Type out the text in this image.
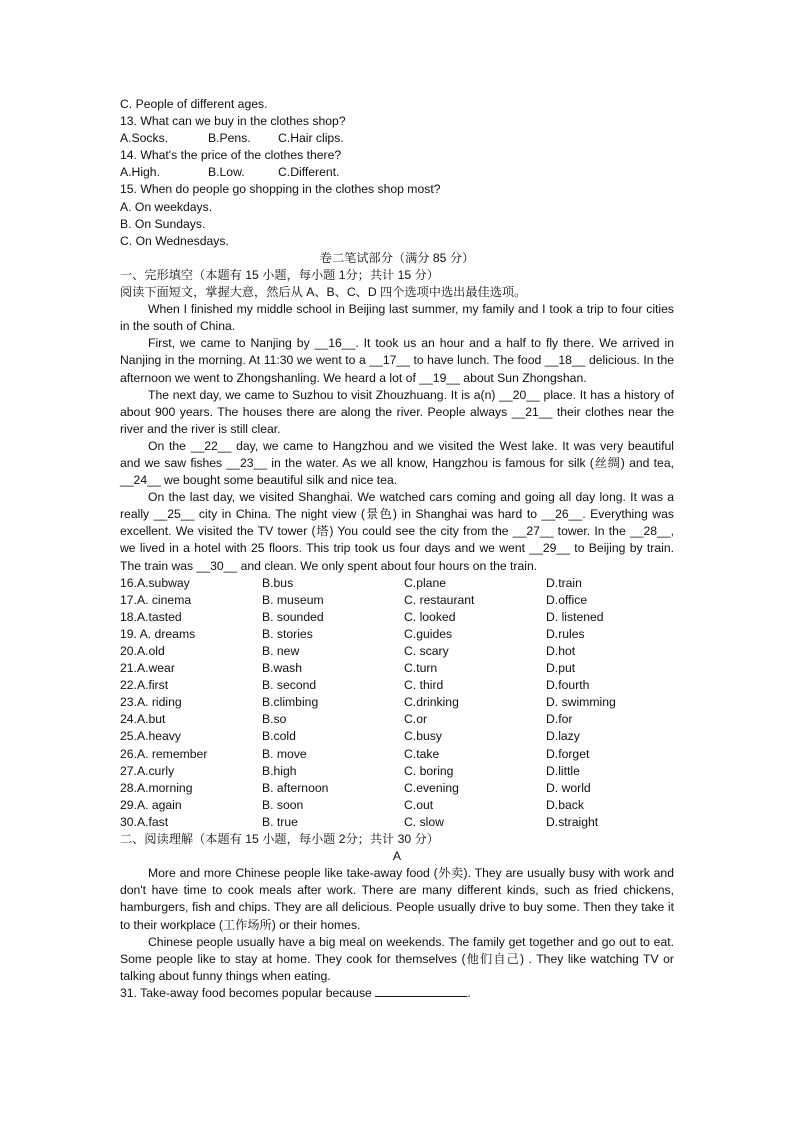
C. People of different ages.
13. What can we buy in the clothes shop?
A.Socks.	B.Pens. C.Hair clips.
14. What's the price of the clothes there?
A.High.	B.Low.	C.Different.
15. When do people go shopping in the clothes shop most?
A. On weekdays.
B. On Sundays.
C. On Wednesdays.
卷二笔试部分（满分 85 分）
一、完形填空（本题有 15 小题，每小题 1分；共计 15 分）
阅读下面短文，掌握大意，然后从 A、B、C、D 四个选项中选出最佳选项。

When I finished my middle school in Beijing last summer, my family and I took a trip to four cities in the south of China.

First, we came to Nanjing by __16__. It took us an hour and a half to fly there. We arrived in Nanjing in the morning. At 11:30 we went to a __17__ to have lunch. The food __18__ delicious. In the afternoon we went to Zhongshanling. We heard a lot of __19__ about Sun Zhongshan.

The next day, we came to Suzhou to visit Zhouzhuang. It is a(n) __20__ place. It has a history of about 900 years. The houses there are along the river. People always __21__ their clothes near the river and the river is still clear.

On the __22__ day, we came to Hangzhou and we visited the West lake. It was very beautiful and we saw fishes __23__ in the water. As we all know, Hangzhou is famous for silk (丝绸) and tea, __24__ we bought some beautiful silk and nice tea.

On the last day, we visited Shanghai. We watched cars coming and going all day long. It was a really __25__ city in China. The night view (景色) in Shanghai was hard to __26__. Everything was excellent. We visited the TV tower (塔) You could see the city from the __27__ tower. In the __28__, we lived in a hotel with 25 floors. This trip took us four days and we went __29__ to Beijing by train. The train was __30__ and clean. We only spent about four hours on the train.

16.A.subway	B.bus	C.plane	D.train
17.A. cinema	B. museum	C. restaurant	D.office
18.A.tasted	B. sounded	C. looked	D. listened
19. A. dreams	B. stories	C.guides	D.rules
20.A.old	B. new	C. scary	D.hot
21.A.wear	B.wash	C.turn	D.put
22.A.first	B. second	C. third	D.fourth
23.A. riding	B.climbing	C.drinking	D. swimming
24.A.but	B.so	C.or	D.for
25.A.heavy	B.cold	C.busy	D.lazy
26.A. remember	B. move	C.take	D.forget
27.A.curly	B.high	C. boring	D.little
28.A.morning	B. afternoon	C.evening	D. world
29.A. again	B. soon	C.out	D.back
30.A.fast	B. true	C. slow	D.straight
二、阅读理解（本题有 15 小题，每小题 2分；共计 30 分）
A

More and more Chinese people like take-away food (外卖). They are usually busy with work and don't have time to cook meals after work. There are many different kinds, such as fried chickens, hamburgers, fish and chips. They are all delicious. People usually drive to buy some. Then they take it to their workplace (工作场所) or their homes.

Chinese people usually have a big meal on weekends. The family get together and go out to eat. Some people like to stay at home. They cook for themselves (他们自己) . They like watching TV or talking about funny things when eating.

31. Take-away food becomes popular because	.
